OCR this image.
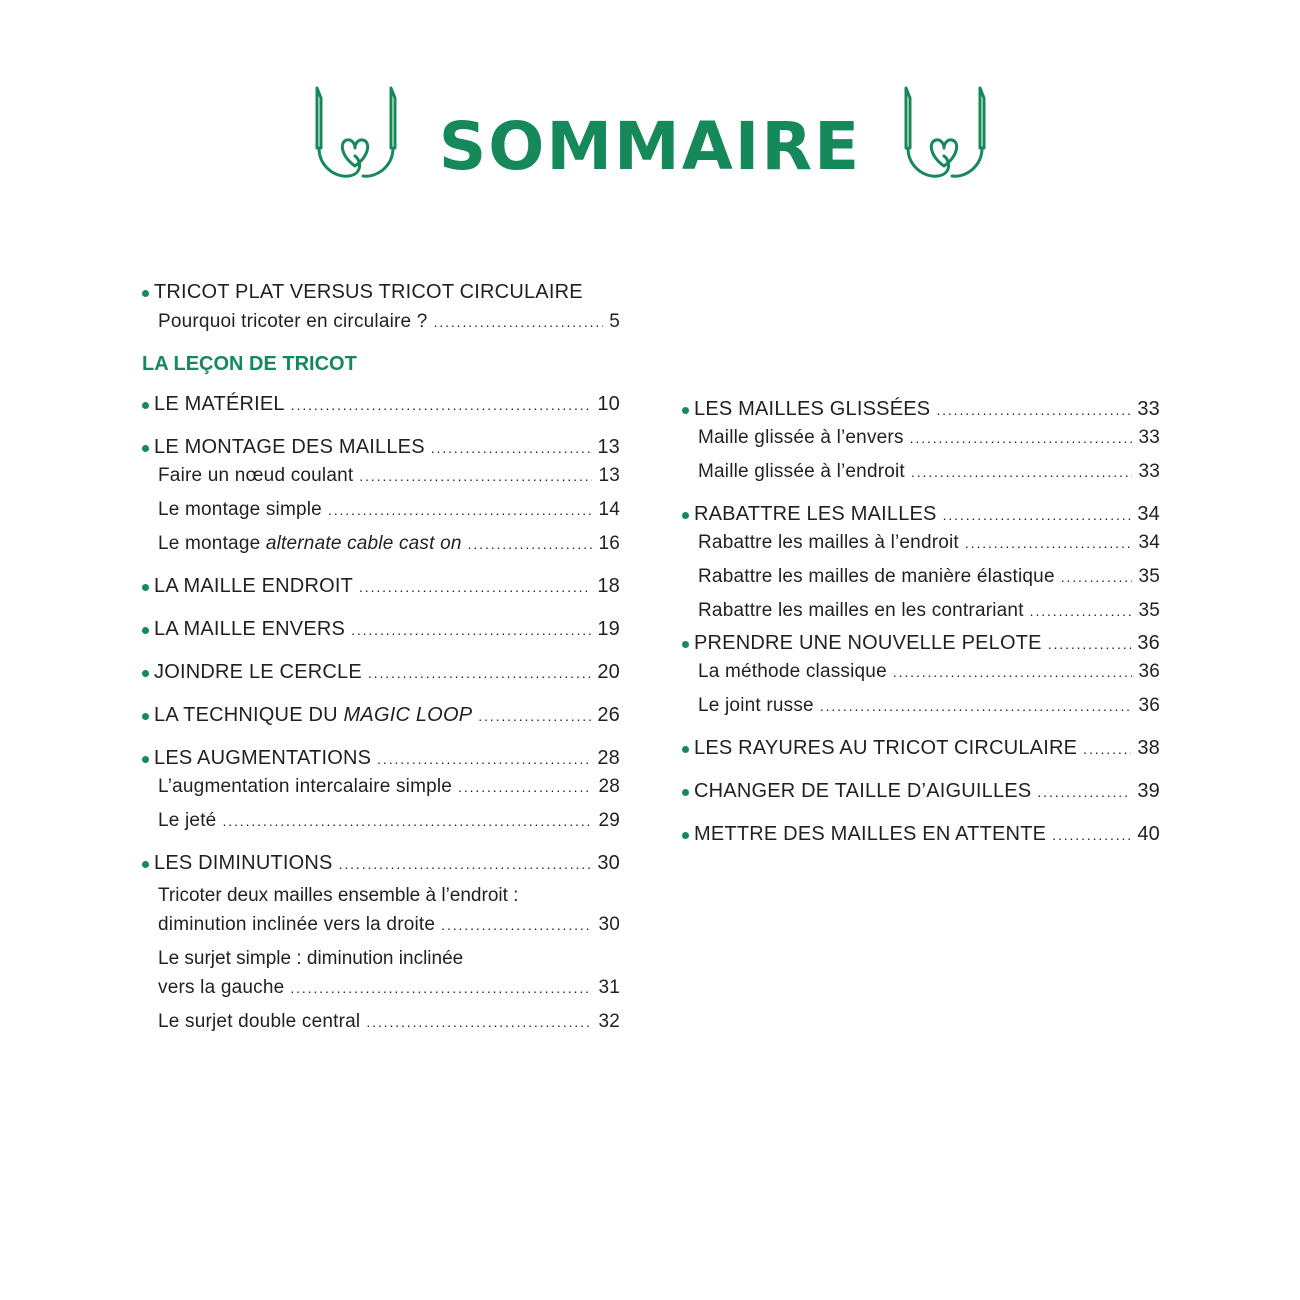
SOMMAIRE
TRICOT PLAT VERSUS TRICOT CIRCULAIRE
Pourquoi tricoter en circulaire ? . . .	5
LA LEÇON DE TRICOT
LE MATÉRIEL . . .	10
LE MONTAGE DES MAILLES . . .	13
Faire un nœud coulant . . .	13
Le montage simple . . .	14
Le montage alternate cable cast on . . .	16
LA MAILLE ENDROIT . . .	18
LA MAILLE ENVERS . . .	19
JOINDRE LE CERCLE . . .	20
LA TECHNIQUE DU MAGIC LOOP . . .	26
LES AUGMENTATIONS . . .	28
L’augmentation intercalaire simple . . .	28
Le jeté . . .	29
LES DIMINUTIONS . . .	30
Tricoter deux mailles ensemble à l’endroit :
diminution inclinée vers la droite . . .	30
Le surjet simple : diminution inclinée
vers la gauche . . .	31
Le surjet double central . . .	32
LES MAILLES GLISSÉES . . .	33
Maille glissée à l’envers . . .	33
Maille glissée à l’endroit . . .	33
RABATTRE LES MAILLES . . .	34
Rabattre les mailles à l’endroit . . .	34
Rabattre les mailles de manière élastique . . .	35
Rabattre les mailles en les contrariant . . .	35
PRENDRE UNE NOUVELLE PELOTE . . .	36
La méthode classique . . .	36
Le joint russe . . .	36
LES RAYURES AU TRICOT CIRCULAIRE . . .	38
CHANGER DE TAILLE D’AIGUILLES . . .	39
METTRE DES MAILLES EN ATTENTE . . .	40
